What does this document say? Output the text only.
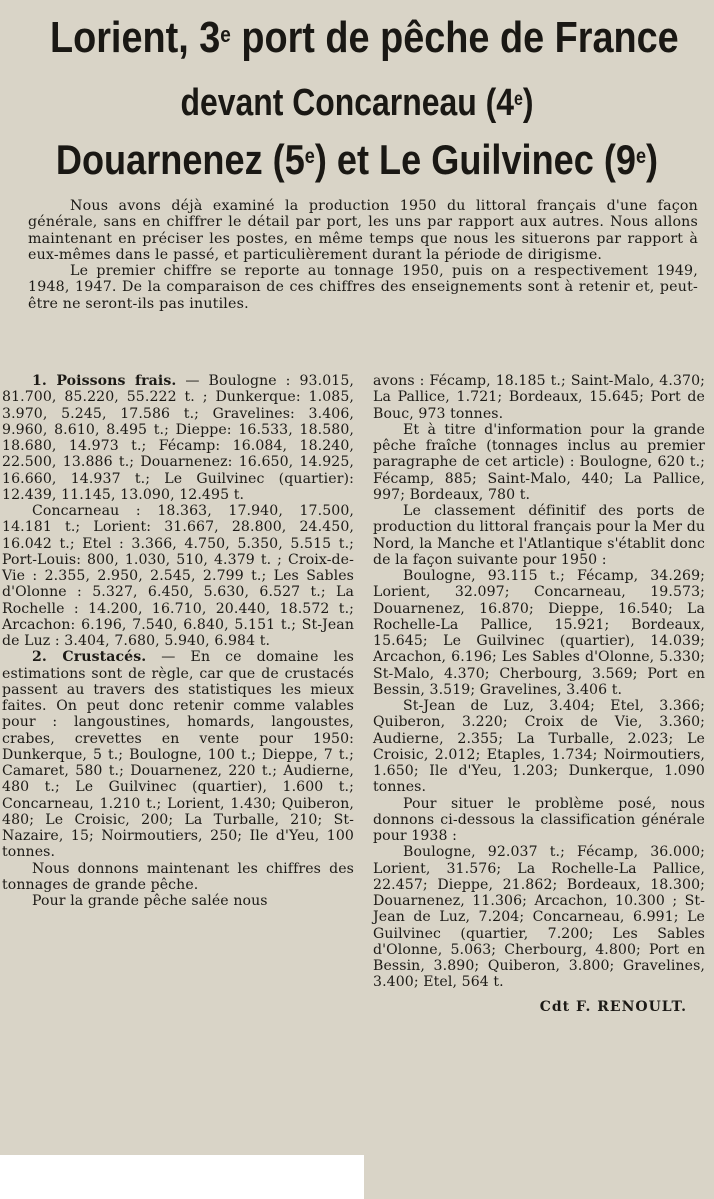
Lorient, 3e port de pêche de France
devant Concarneau (4e)
Douarnenez (5e) et Le Guilvinec (9e)

Nous avons déjà examiné la production 1950 du littoral français d'une façon générale, sans en chiffrer le détail par port, les uns par rapport aux autres. Nous allons maintenant en préciser les postes, en même temps que nous les situerons par rapport à eux-mêmes dans le passé, et particulièrement durant la période de dirigisme.

Le premier chiffre se reporte au tonnage 1950, puis on a respectivement 1949, 1948, 1947. De la comparaison de ces chiffres des enseignements sont à retenir et, peut-être ne seront-ils pas inutiles.

1. Poissons frais. — Boulogne : 93.015, 81.700, 85.220, 55.222 t. ; Dunkerque: 1.085, 3.970, 5.245, 17.586 t.; Gravelines: 3.406, 9.960, 8.610, 8.495 t.; Dieppe: 16.533, 18.580, 18.680, 14.973 t.; Fécamp: 16.084, 18.240, 22.500, 13.886 t.; Douarnenez: 16.650, 14.925, 16.660, 14.937 t.; Le Guilvinec (quartier): 12.439, 11.145, 13.090, 12.495 t.

Concarneau : 18.363, 17.940, 17.500, 14.181 t.; Lorient: 31.667, 28.800, 24.450, 16.042 t.; Etel : 3.366, 4.750, 5.350, 5.515 t.; Port-Louis: 800, 1.030, 510, 4.379 t. ; Croix-de-Vie : 2.355, 2.950, 2.545, 2.799 t.; Les Sables d'Olonne : 5.327, 6.450, 5.630, 6.527 t.; La Rochelle : 14.200, 16.710, 20.440, 18.572 t.; Arcachon: 6.196, 7.540, 6.840, 5.151 t.; St-Jean de Luz : 3.404, 7.680, 5.940, 6.984 t.

2. Crustacés. — En ce domaine les estimations sont de règle, car que de crustacés passent au travers des statistiques les mieux faites. On peut donc retenir comme valables pour : langoustines, homards, langoustes, crabes, crevettes en vente pour 1950: Dunkerque, 5 t.; Boulogne, 100 t.; Dieppe, 7 t.; Camaret, 580 t.; Douarnenez, 220 t.; Audierne, 480 t.; Le Guilvinec (quartier), 1.600 t.; Concarneau, 1.210 t.; Lorient, 1.430; Quiberon, 480; Le Croisic, 200; La Turballe, 210; St-Nazaire, 15; Noirmoutiers, 250; Ile d'Yeu, 100 tonnes.

Nous donnons maintenant les chiffres des tonnages de grande pêche.

Pour la grande pêche salée nous

avons : Fécamp, 18.185 t.; Saint-Malo, 4.370; La Pallice, 1.721; Bordeaux, 15.645; Port de Bouc, 973 tonnes.

Et à titre d'information pour la grande pêche fraîche (tonnages inclus au premier paragraphe de cet article) : Boulogne, 620 t.; Fécamp, 885; Saint-Malo, 440; La Pallice, 997; Bordeaux, 780 t.

Le classement définitif des ports de production du littoral français pour la Mer du Nord, la Manche et l'Atlantique s'établit donc de la façon suivante pour 1950 :

Boulogne, 93.115 t.; Fécamp, 34.269; Lorient, 32.097; Concarneau, 19.573; Douarnenez, 16.870; Dieppe, 16.540; La Rochelle-La Pallice, 15.921; Bordeaux, 15.645; Le Guilvinec (quartier), 14.039; Arcachon, 6.196; Les Sables d'Olonne, 5.330; St-Malo, 4.370; Cherbourg, 3.569; Port en Bessin, 3.519; Gravelines, 3.406 t.

St-Jean de Luz, 3.404; Etel, 3.366; Quiberon, 3.220; Croix de Vie, 3.360; Audierne, 2.355; La Turballe, 2.023; Le Croisic, 2.012; Etaples, 1.734; Noirmoutiers, 1.650; Ile d'Yeu, 1.203; Dunkerque, 1.090 tonnes.

Pour situer le problème posé, nous donnons ci-dessous la classification générale pour 1938 :

Boulogne, 92.037 t.; Fécamp, 36.000; Lorient, 31.576; La Rochelle-La Pallice, 22.457; Dieppe, 21.862; Bordeaux, 18.300; Douarnenez, 11.306; Arcachon, 10.300 ; St-Jean de Luz, 7.204; Concarneau, 6.991; Le Guilvinec (quartier, 7.200; Les Sables d'Olonne, 5.063; Cherbourg, 4.800; Port en Bessin, 3.890; Quiberon, 3.800; Gravelines, 3.400; Etel, 564 t.

Cdt F. RENOULT.
